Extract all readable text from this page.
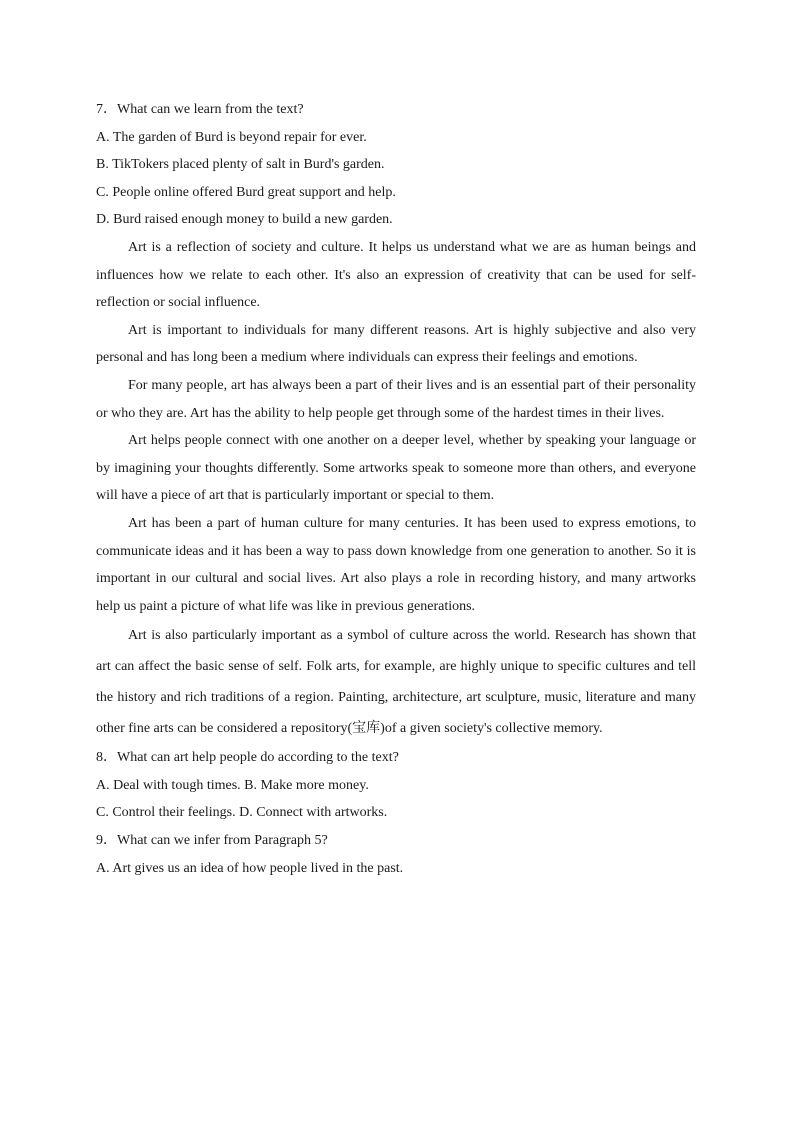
7．What can we learn from the text?
A. The garden of Burd is beyond repair for ever.
B. TikTokers placed plenty of salt in Burd's garden.
C. People online offered Burd great support and help.
D. Burd raised enough money to build a new garden.

Art is a reflection of society and culture. It helps us understand what we are as human beings and influences how we relate to each other. It's also an expression of creativity that can be used for self-reflection or social influence.

Art is important to individuals for many different reasons. Art is highly subjective and also very personal and has long been a medium where individuals can express their feelings and emotions.

For many people, art has always been a part of their lives and is an essential part of their personality or who they are. Art has the ability to help people get through some of the hardest times in their lives.

Art helps people connect with one another on a deeper level, whether by speaking your language or by imagining your thoughts differently. Some artworks speak to someone more than others, and everyone will have a piece of art that is particularly important or special to them.

Art has been a part of human culture for many centuries. It has been used to express emotions, to communicate ideas and it has been a way to pass down knowledge from one generation to another. So it is important in our cultural and social lives. Art also plays a role in recording history, and many artworks help us paint a picture of what life was like in previous generations.

Art is also particularly important as a symbol of culture across the world. Research has shown that art can affect the basic sense of self. Folk arts, for example, are highly unique to specific cultures and tell the history and rich traditions of a region. Painting, architecture, art sculpture, music, literature and many other fine arts can be considered a repository(宝库)of a given society's collective memory.

8．What can art help people do according to the text?
A. Deal with tough times. B. Make more money.
C. Control their feelings. D. Connect with artworks.
9．What can we infer from Paragraph 5?
A. Art gives us an idea of how people lived in the past.
